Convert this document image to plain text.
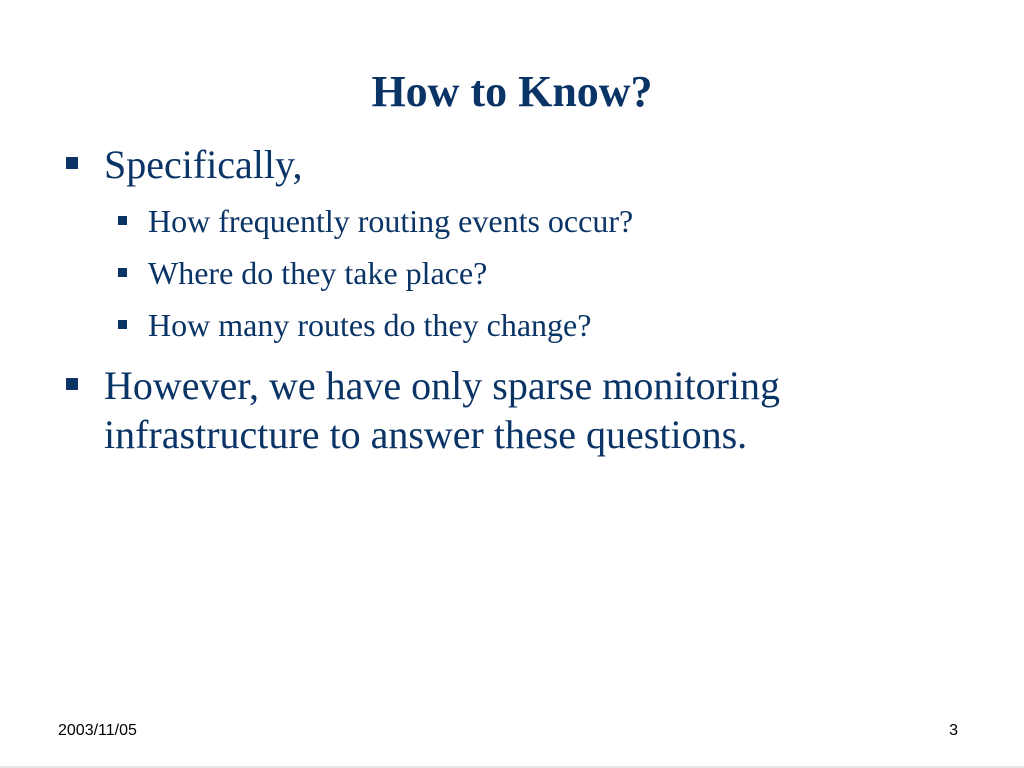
How to Know?
Specifically,
How frequently routing events occur?
Where do they take place?
How many routes do they change?
However, we have only sparse monitoring infrastructure to answer these questions.
2003/11/05	3
